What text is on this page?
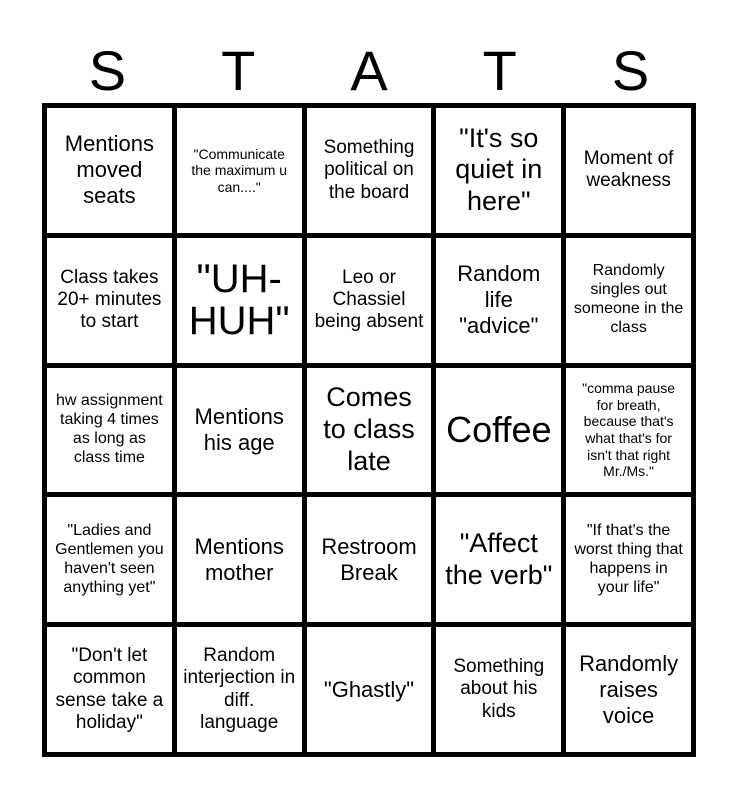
S	T	A	T	S
Mentions moved seats
"Communicate the maximum u can...."
Something political on the board
"It's so quiet in here"
Moment of weakness
Class takes 20+ minutes to start
"UH-HUH"
Leo or Chassiel being absent
Random life "advice"
Randomly singles out someone in the class
hw assignment taking 4 times as long as class time
Mentions his age
Comes to class late
Coffee
"comma pause for breath, because that's what that's for isn't that right Mr./Ms."
"Ladies and Gentlemen you haven't seen anything yet"
Mentions mother
Restroom Break
"Affect the verb"
"If that's the worst thing that happens in your life"
"Don't let common sense take a holiday"
Random interjection in diff. language
"Ghastly"
Something about his kids
Randomly raises voice
